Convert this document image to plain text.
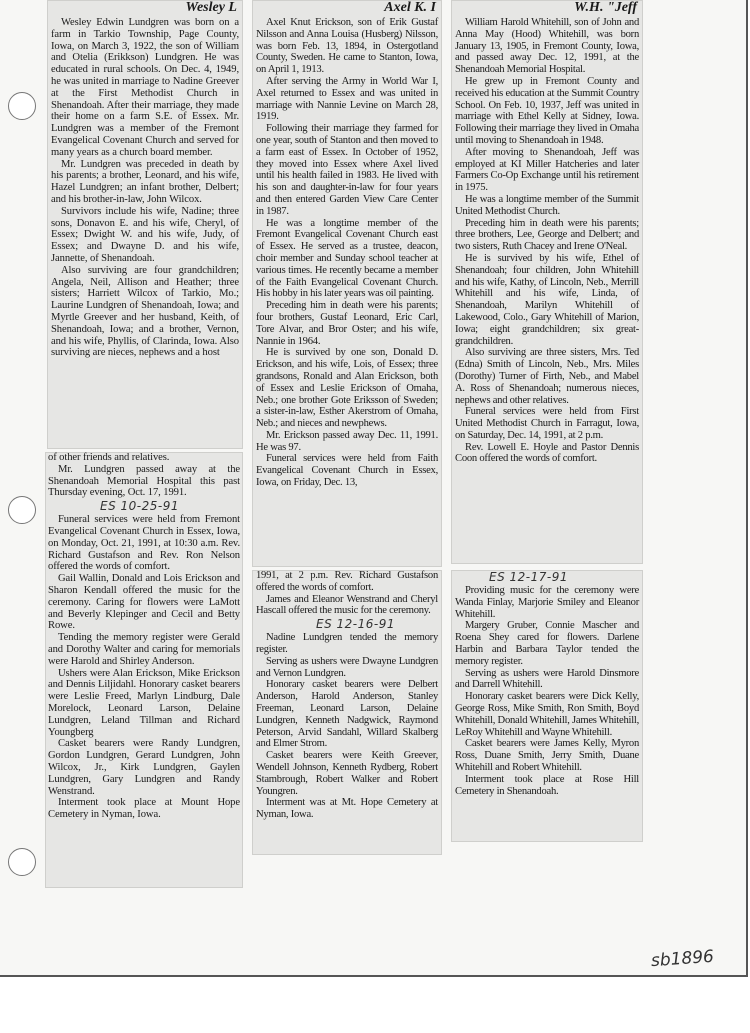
Wesley L

Wesley Edwin Lundgren was born on a farm in Tarkio Township, Page County, Iowa, on March 3, 1922, the son of William and Otelia (Erikkson) Lundgren. He was educated in rural schools. On Dec. 4, 1949, he was united in marriage to Nadine Greever at the First Methodist Church in Shenandoah. After their marriage, they made their home on a farm S.E. of Essex. Mr. Lundgren was a member of the Fremont Evangelical Covenant Church and served for many years as a church board member.

Mr. Lundgren was preceded in death by his parents; a brother, Leonard, and his wife, Hazel Lundgren; an infant brother, Delbert; and his brother-in-law, John Wilcox.

Survivors include his wife, Nadine; three sons, Donavon E. and his wife, Cheryl, of Essex; Dwight W. and his wife, Judy, of Essex; and Dwayne D. and his wife, Jannette, of Shenandoah.

Also surviving are four grandchildren; Angela, Neil, Allison and Heather; three sisters; Harriett Wilcox of Tarkio, Mo.; Laurine Lundgren of Shenandoah, Iowa; and Myrtle Greever and her husband, Keith, of Shenandoah, Iowa; and a brother, Vernon, and his wife, Phyllis, of Clarinda, Iowa. Also surviving are nieces, nephews and a host

of other friends and relatives.

Mr. Lundgren passed away at the Shenandoah Memorial Hospital this past Thursday evening, Oct. 17, 1991.

ES 10-25-91

Funeral services were held from Fremont Evangelical Covenant Church in Essex, Iowa, on Monday, Oct. 21, 1991, at 10:30 a.m. Rev. Richard Gustafson and Rev. Ron Nelson offered the words of comfort.

Gail Wallin, Donald and Lois Erickson and Sharon Kendall offered the music for the ceremony. Caring for flowers were LaMott and Beverly Klepinger and Cecil and Betty Rowe.

Tending the memory register were Gerald and Dorothy Walter and caring for memorials were Harold and Shirley Anderson.

Ushers were Alan Erickson, Mike Erickson and Dennis Liljidahl. Honorary casket bearers were Leslie Freed, Marlyn Lindburg, Dale Morelock, Leonard Larson, Delaine Lundgren, Leland Tillman and Richard Youngberg

Casket bearers were Randy Lundgren, Gordon Lundgren, Gerard Lundgren, John Wilcox, Jr., Kirk Lundgren, Gaylen Lundgren, Gary Lundgren and Randy Wenstrand.

Interment took place at Mount Hope Cemetery in Nyman, Iowa.

Axel K. I

Axel Knut Erickson, son of Erik Gustaf Nilsson and Anna Louisa (Husberg) Nilsson, was born Feb. 13, 1894, in Ostergotland County, Sweden. He came to Stanton, Iowa, on April 1, 1913.

After serving the Army in World War I, Axel returned to Essex and was united in marriage with Nannie Levine on March 28, 1919.

Following their marriage they farmed for one year, south of Stanton and then moved to a farm east of Essex. In October of 1952, they moved into Essex where Axel lived until his health failed in 1983. He lived with his son and daughter-in-law for four years and then entered Garden View Care Center in 1987.

He was a longtime member of the Fremont Evangelical Covenant Church east of Essex. He served as a trustee, deacon, choir member and Sunday school teacher at various times. He recently became a member of the Faith Evangelical Covenant Church. His hobby in his later years was oil painting.

Preceding him in death were his parents; four brothers, Gustaf Leonard, Eric Carl, Tore Alvar, and Bror Oster; and his wife, Nannie in 1964.

He is survived by one son, Donald D. Erickson, and his wife, Lois, of Essex; three grandsons, Ronald and Alan Erickson, both of Essex and Leslie Erickson of Omaha, Neb.; one brother Gote Eriksson of Sweden; a sister-in-law, Esther Akerstrom of Omaha, Neb.; and nieces and newphews.

Mr. Erickson passed away Dec. 11, 1991. He was 97.

Funeral services were held from Faith Evangelical Covenant Church in Essex, Iowa, on Friday, Dec. 13,

1991, at 2 p.m. Rev. Richard Gustafson offered the words of comfort.

James and Eleanor Wenstrand and Cheryl Hascall offered the music for the ceremony.

ES 12-16-91

Nadine Lundgren tended the memory register.

Serving as ushers were Dwayne Lundgren and Vernon Lundgren.

Honorary casket bearers were Delbert Anderson, Harold Anderson, Stanley Freeman, Leonard Larson, Delaine Lundgren, Kenneth Nadgwick, Raymond Peterson, Arvid Sandahl, Willard Skalberg and Elmer Strom.

Casket bearers were Keith Greever, Wendell Johnson, Kenneth Rydberg, Robert Stambrough, Robert Walker and Robert Youngren.

Interment was at Mt. Hope Cemetery at Nyman, Iowa.

W.H. "Jeff

William Harold Whitehill, son of John and Anna May (Hood) Whitehill, was born January 13, 1905, in Fremont County, Iowa, and passed away Dec. 12, 1991, at the Shenandoah Memorial Hospital.

He grew up in Fremont County and received his education at the Summit Country School. On Feb. 10, 1937, Jeff was united in marriage with Ethel Kelly at Sidney, Iowa. Following their marriage they lived in Omaha until moving to Shenandoah in 1948.

After moving to Shenandoah, Jeff was employed at KI Miller Hatcheries and later Farmers Co-Op Exchange until his retirement in 1975.

He was a longtime member of the Summit United Methodist Church.

Preceding him in death were his parents; three brothers, Lee, George and Delbert; and two sisters, Ruth Chacey and Irene O'Neal.

He is survived by his wife, Ethel of Shenandoah; four children, John Whitehill and his wife, Kathy, of Lincoln, Neb., Merrill Whitehill and his wife, Linda, of Shenandoah, Marilyn Whitehill of Lakewood, Colo., Gary Whitehill of Marion, Iowa; eight grandchildren; six great-grandchildren.

Also surviving are three sisters, Mrs. Ted (Edna) Smith of Lincoln, Neb., Mrs. Miles (Dorothy) Turner of Firth, Neb., and Mabel A. Ross of Shenandoah; numerous nieces, nephews and other relatives.

Funeral services were held from First United Methodist Church in Farragut, Iowa, on Saturday, Dec. 14, 1991, at 2 p.m.

Rev. Lowell E. Hoyle and Pastor Dennis Coon offered the words of comfort.

ES 12-17-91

Providing music for the ceremony were Wanda Finlay, Marjorie Smiley and Eleanor Whitehill.

Margery Gruber, Connie Mascher and Roena Shey cared for flowers. Darlene Harbin and Barbara Taylor tended the memory register.

Serving as ushers were Harold Dinsmore and Darrell Whitehill.

Honorary casket bearers were Dick Kelly, George Ross, Mike Smith, Ron Smith, Boyd Whitehill, Donald Whitehill, James Whitehill, LeRoy Whitehill and Wayne Whitehill.

Casket bearers were James Kelly, Myron Ross, Duane Smith, Jerry Smith, Duane Whitehill and Robert Whitehill.

Interment took place at Rose Hill Cemetery in Shenandoah.

sb1896
